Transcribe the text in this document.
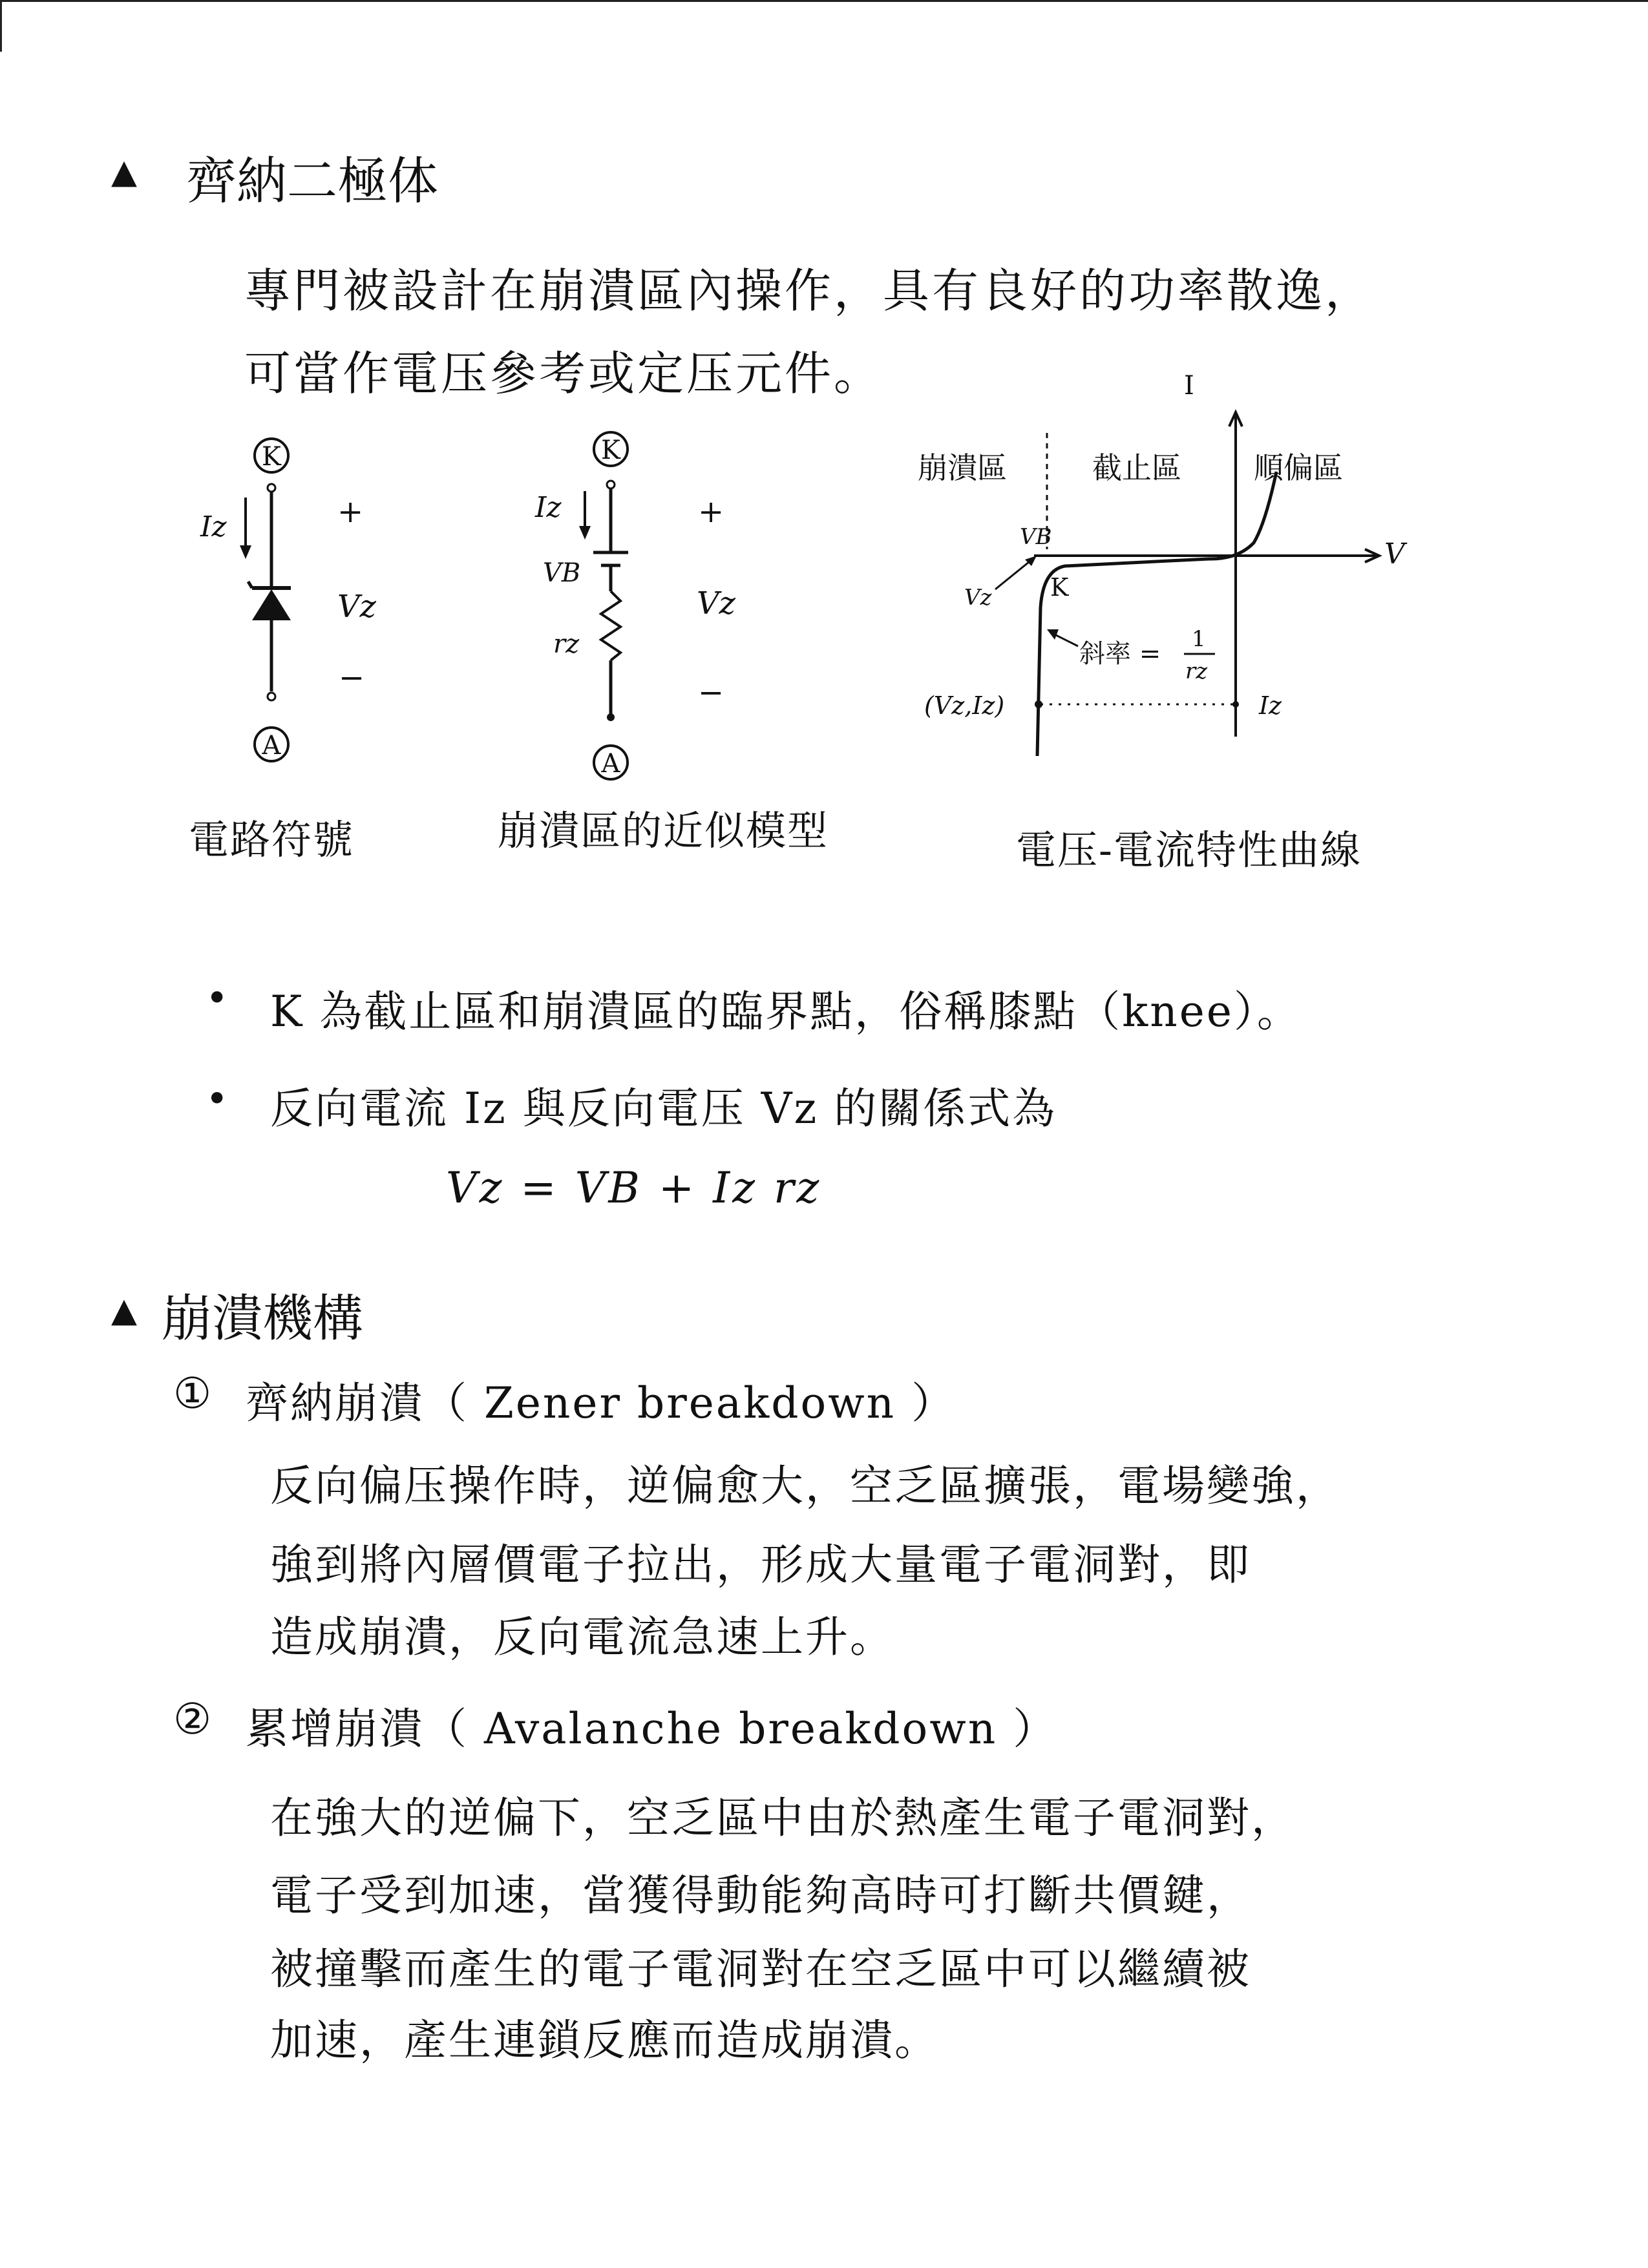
▲ 齊納二極体
專門被設計在崩潰區內操作，具有良好的功率散逸，
可當作電压參考或定压元件。
K
A
Iz	+
Vz
−
電路符號
K
A
Iz
VB
rz
+
Vz
−
崩潰區的近似模型
V
I
崩潰區	截止區 順偏區
VB
Vz K
斜率 = 1
rz
(Vz,Iz)	Iz
電压-電流特性曲線
• K 為截止區和崩潰區的臨界點，俗稱膝點（knee）。
• 反向電流 Iz 與反向電压 Vz 的關係式為
Vz = VB + Iz rz
▲ 崩潰機構
① 齊納崩潰（ Zener breakdown ）
反向偏压操作時，逆偏愈大，空乏區擴張，電場變強，
強到將內層價電子拉出，形成大量電子電洞對，即
造成崩潰，反向電流急速上升。
② 累增崩潰（ Avalanche breakdown ）
在強大的逆偏下，空乏區中由於熱產生電子電洞對，
電子受到加速，當獲得動能夠高時可打斷共價鍵，
被撞擊而產生的電子電洞對在空乏區中可以繼續被
加速，產生連鎖反應而造成崩潰。
